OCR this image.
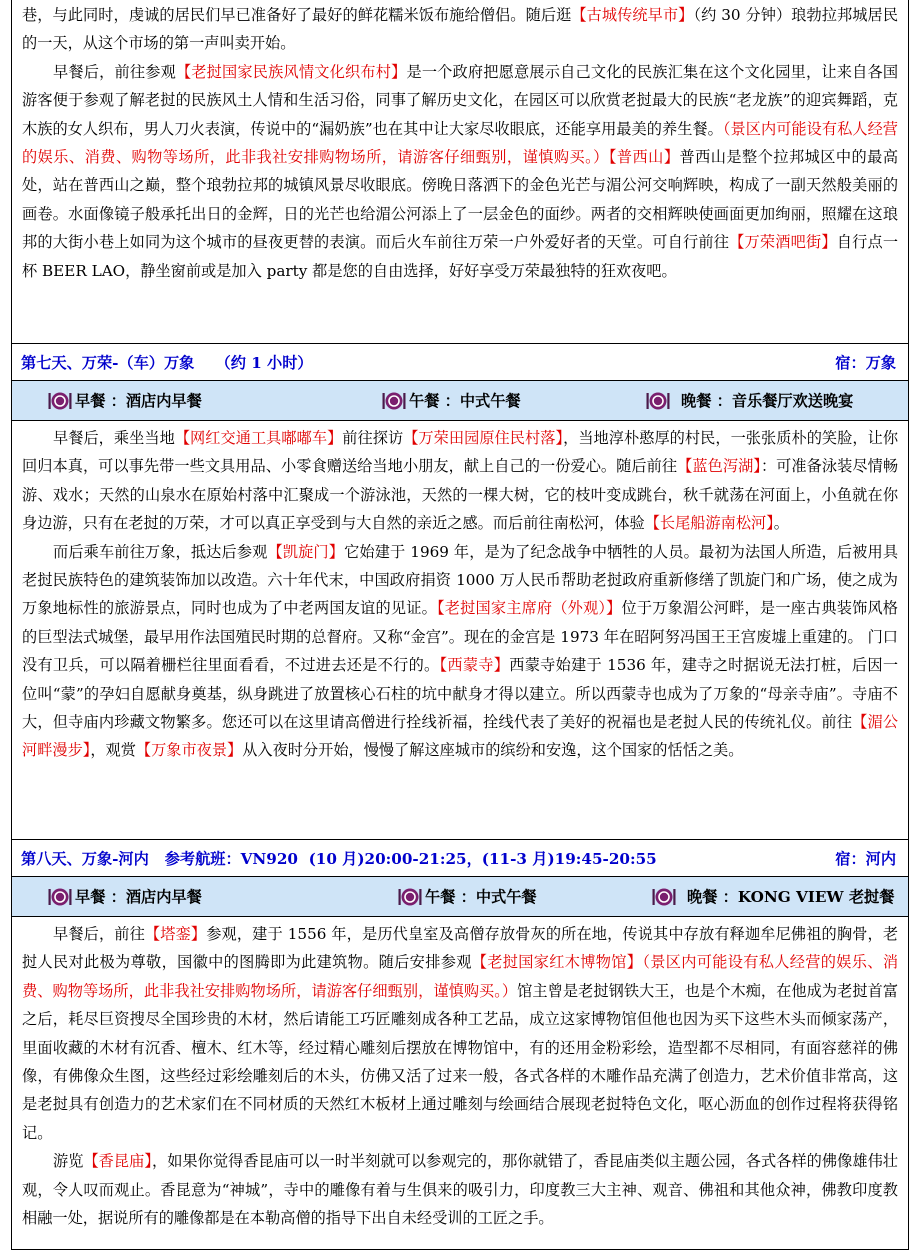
巷，与此同时，虔诚的居民们早已准备好了最好的鲜花糯米饭布施给僧侣。随后逛【古城传统早市】（约 30 分钟）琅勃拉邦城居民的一天，从这个市场的第一声叫卖开始。

早餐后，前往参观【老挝国家民族风情文化织布村】是一个政府把愿意展示自己文化的民族汇集在这个文化园里，让来自各国游客便于参观了解老挝的民族风土人情和生活习俗，同事了解历史文化，在园区可以欣赏老挝最大的民族“老龙族”的迎宾舞蹈，克木族的女人织布，男人刀火表演，传说中的“漏奶族”也在其中让大家尽收眼底，还能享用最美的养生餐。（景区内可能设有私人经营的娱乐、消费、购物等场所，此非我社安排购物场所，请游客仔细甄别，谨慎购买。）【普西山】普西山是整个拉邦城区中的最高处，站在普西山之巅，整个琅勃拉邦的城镇风景尽收眼底。傍晚日落洒下的金色光芒与湄公河交响辉映，构成了一副天然般美丽的画卷。水面像镜子般承托出日的金辉，日的光芒也给湄公河添上了一层金色的面纱。两者的交相辉映使画面更加绚丽，照耀在这琅邦的大街小巷上如同为这个城市的昼夜更替的表演。而后火车前往万荣一户外爱好者的天堂。可自行前往【万荣酒吧街】自行点一杯 BEER LAO，静坐窗前或是加入 party 都是您的自由选择，好好享受万荣最独特的狂欢夜吧。

第七天、万荣-（车）万象 （约 1 小时）	宿：万象
早餐 ：酒店内早餐	午餐 ：中式午餐	晚餐 ：音乐餐厅欢送晚宴

早餐后，乘坐当地【网红交通工具嘟嘟车】前往探访【万荣田园原住民村落】，当地淳朴憨厚的村民，一张张质朴的笑脸，让你回归本真，可以事先带一些文具用品、小零食赠送给当地小朋友，献上自己的一份爱心。随后前往【蓝色泻湖】：可准备泳装尽情畅游、戏水；天然的山泉水在原始村落中汇聚成一个游泳池，天然的一棵大树，它的枝叶变成跳台，秋千就荡在河面上，小鱼就在你身边游，只有在老挝的万荣，才可以真正享受到与大自然的亲近之感。而后前往南松河，体验【长尾船游南松河】。

而后乘车前往万象，抵达后参观【凯旋门】它始建于 1969 年，是为了纪念战争中牺牲的人员。最初为法国人所造，后被用具老挝民族特色的建筑装饰加以改造。六十年代末，中国政府捐资 1000 万人民币帮助老挝政府重新修缮了凯旋门和广场，使之成为万象地标性的旅游景点，同时也成为了中老两国友谊的见证。【老挝国家主席府（外观）】位于万象湄公河畔，是一座古典装饰风格的巨型法式城堡，最早用作法国殖民时期的总督府。又称“金宫”。现在的金宫是 1973 年在昭阿努冯国王王宫废墟上重建的。 门口没有卫兵，可以隔着栅栏往里面看看，不过进去还是不行的。【西蒙寺】西蒙寺始建于 1536 年，建寺之时据说无法打桩，后因一位叫“蒙”的孕妇自愿献身奠基，纵身跳进了放置核心石柱的坑中献身才得以建立。所以西蒙寺也成为了万象的“母亲寺庙”。寺庙不大，但寺庙内珍藏文物繁多。您还可以在这里请高僧进行拴线祈福，拴线代表了美好的祝福也是老挝人民的传统礼仪。前往【湄公河畔漫步】，观赏【万象市夜景】从入夜时分开始，慢慢了解这座城市的缤纷和安逸，这个国家的恬恬之美。

第八天、万象-河内 参考航班：VN920  (10 月)20:00-21:25，(11-3 月)19:45-20:55	宿：河内
早餐 ：酒店内早餐	午餐 ：中式午餐	晚餐 ：KONG VIEW 老挝餐

早餐后，前往【塔銮】参观，建于 1556 年，是历代皇室及高僧存放骨灰的所在地，传说其中存放有释迦牟尼佛祖的胸骨，老挝人民对此极为尊敬，国徽中的图腾即为此建筑物。随后安排参观【老挝国家红木博物馆】（景区内可能设有私人经营的娱乐、消费、购物等场所，此非我社安排购物场所，请游客仔细甄别，谨慎购买。）馆主曾是老挝钢铁大王，也是个木痴，在他成为老挝首富之后，耗尽巨资搜尽全国珍贵的木材，然后请能工巧匠雕刻成各种工艺品，成立这家博物馆但他也因为买下这些木头而倾家荡产，里面收藏的木材有沉香、檀木、红木等，经过精心雕刻后摆放在博物馆中，有的还用金粉彩绘，造型都不尽相同，有面容慈祥的佛像，有佛像众生图，这些经过彩绘雕刻后的木头，仿佛又活了过来一般，各式各样的木雕作品充满了创造力，艺术价值非常高，这是老挝具有创造力的艺术家们在不同材质的天然红木板材上通过雕刻与绘画结合展现老挝特色文化，呕心沥血的创作过程将获得铭记。

游览【香昆庙】，如果你觉得香昆庙可以一时半刻就可以参观完的，那你就错了，香昆庙类似主题公园，各式各样的佛像雄伟壮观，令人叹而观止。香昆意为“神城”，寺中的雕像有着与生俱来的吸引力，印度教三大主神、观音、佛祖和其他众神，佛教印度教相融一处，据说所有的雕像都是在本勒高僧的指导下出自未经受训的工匠之手。
